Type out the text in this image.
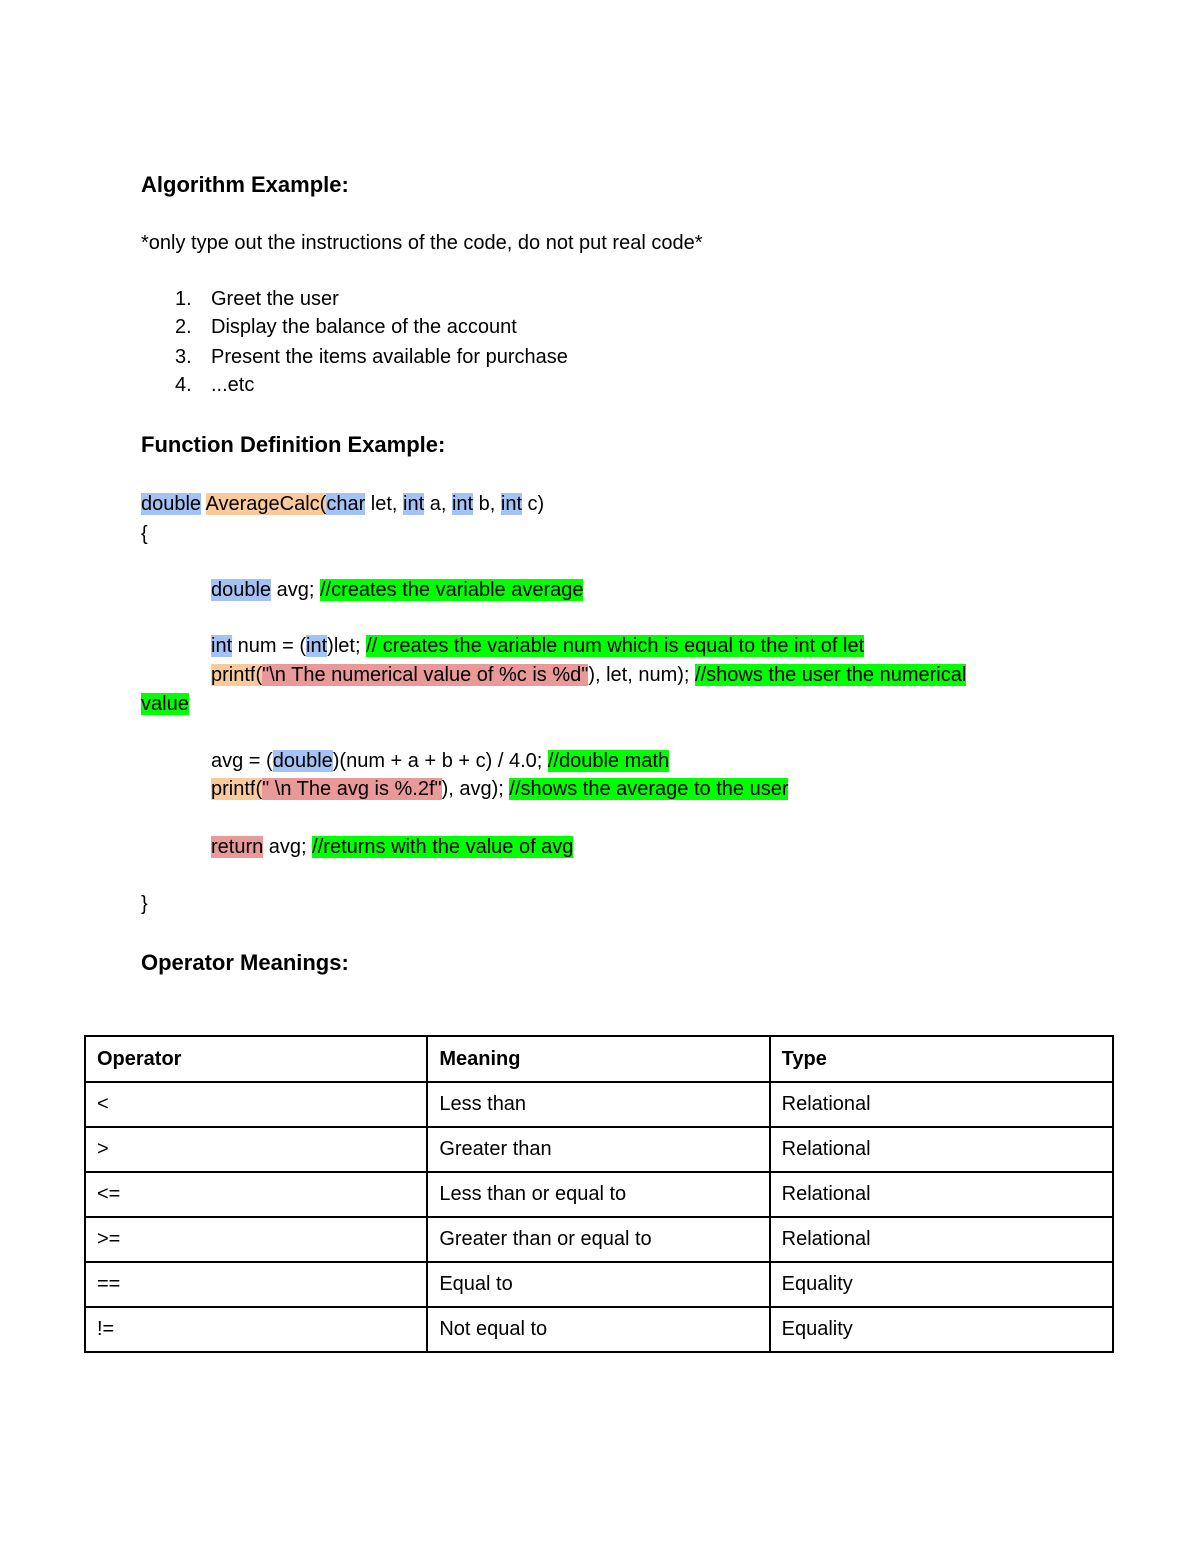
Algorithm Example:
*only type out the instructions of the code, do not put real code*
1. Greet the user
2. Display the balance of the account
3. Present the items available for purchase
4. ...etc
Function Definition Example:
double AverageCalc(char let, int a, int b, int c)
{
double avg; //creates the variable average
int num = (int)let; // creates the variable num which is equal to the int of let
printf("\n The numerical value of %c is %d"), let, num); //shows the user the numerical
value
avg = (double)(num + a + b + c) / 4.0; //double math
printf(" \n The avg is %.2f"), avg); //shows the average to the user
return avg; //returns with the value of avg
}
Operator Meanings:
Operator	Meaning	Type
<	Less than	Relational
>	Greater than	Relational
<=	Less than or equal to	Relational
>=	Greater than or equal to	Relational
==	Equal to	Equality
!=	Not equal to	Equality
